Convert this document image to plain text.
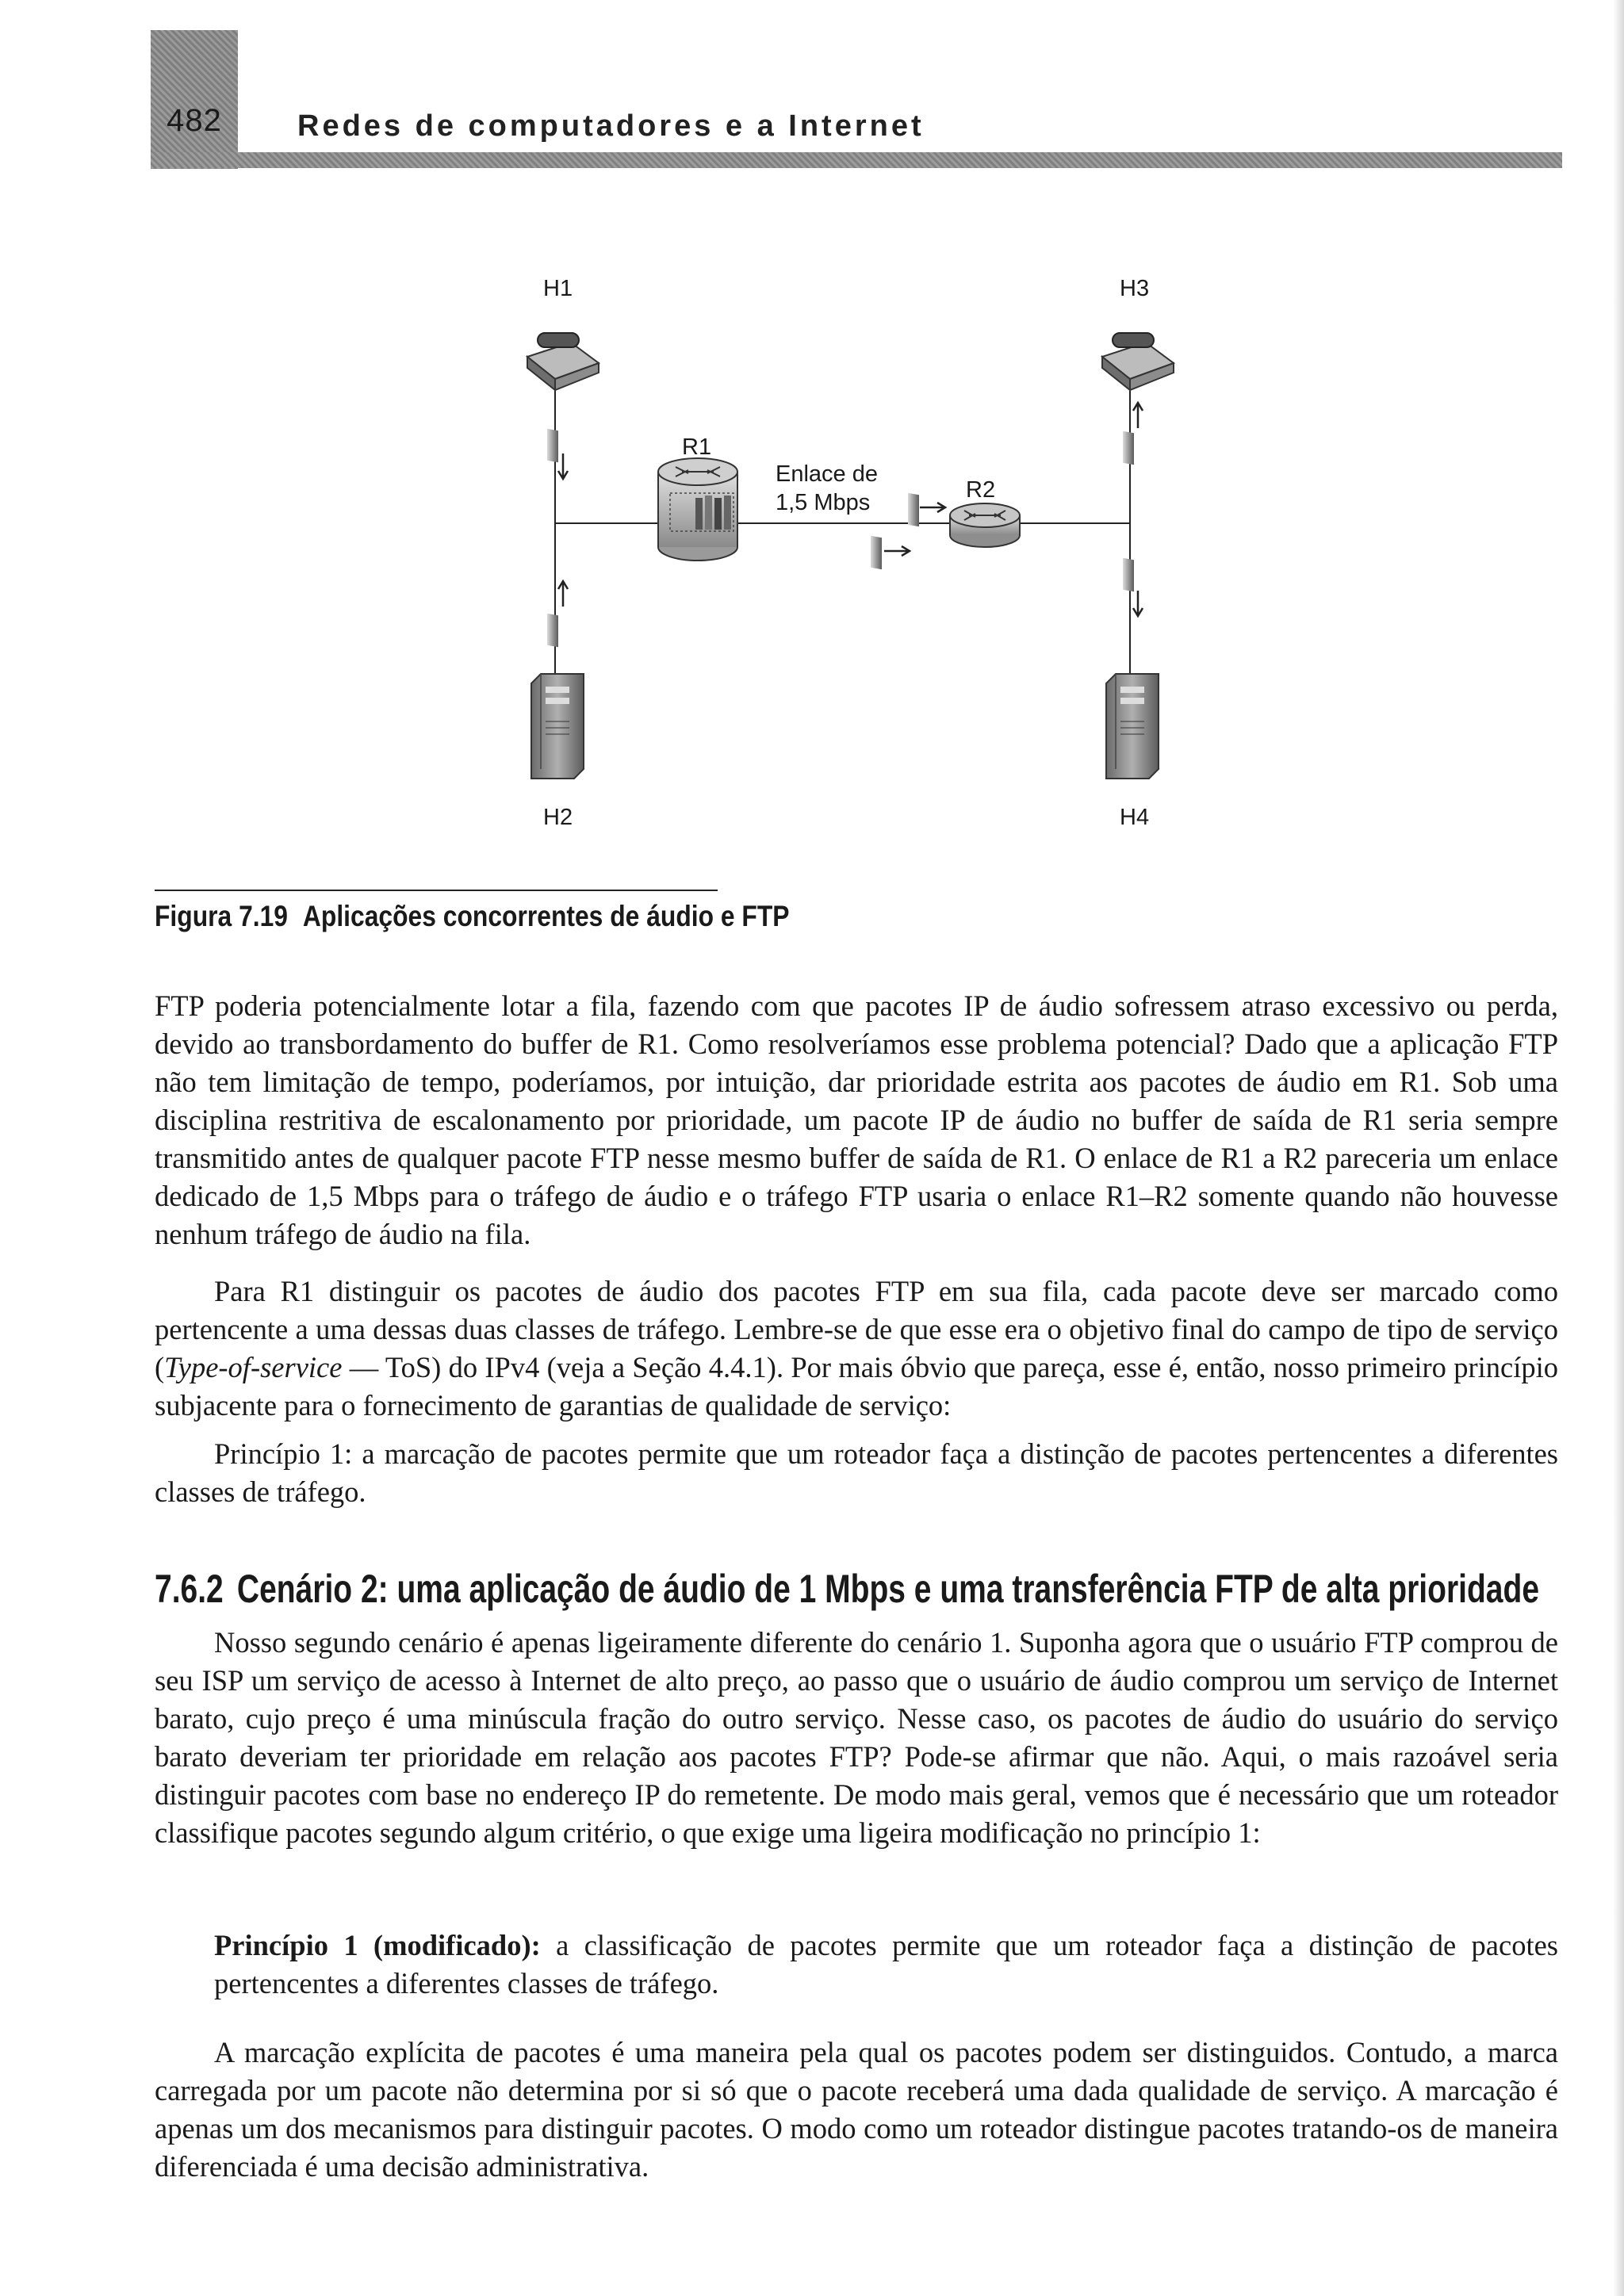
482	Redes de computadores e a Internet
H1	H3
H2	H4
R1
R2
Enlace de
1,5 Mbps
Figura 7.19 Aplicações concorrentes de áudio e FTP

FTP poderia potencialmente lotar a fila, fazendo com que pacotes IP de áudio sofressem atraso excessivo ou perda, devido ao transbordamento do buffer de R1. Como resolveríamos esse problema potencial? Dado que a aplicação FTP não tem limitação de tempo, poderíamos, por intuição, dar prioridade estrita aos pacotes de áudio em R1. Sob uma disciplina restritiva de escalonamento por prioridade, um pacote IP de áudio no buffer de saída de R1 seria sempre transmitido antes de qualquer pacote FTP nesse mesmo buffer de saída de R1. O enlace de R1 a R2 pareceria um enlace dedicado de 1,5 Mbps para o tráfego de áudio e o tráfego FTP usaria o enlace R1–R2 somente quando não houvesse nenhum tráfego de áudio na fila.

Para R1 distinguir os pacotes de áudio dos pacotes FTP em sua fila, cada pacote deve ser marcado como pertencente a uma dessas duas classes de tráfego. Lembre-se de que esse era o objetivo final do campo de tipo de serviço (Type-of-service — ToS) do IPv4 (veja a Seção 4.4.1). Por mais óbvio que pareça, esse é, então, nosso primeiro princípio subjacente para o fornecimento de garantias de qualidade de serviço:

Princípio 1: a marcação de pacotes permite que um roteador faça a distinção de pacotes pertencentes a diferentes classes de tráfego.

7.6.2 Cenário 2: uma aplicação de áudio de 1 Mbps e uma transferência FTP de alta prioridade

Nosso segundo cenário é apenas ligeiramente diferente do cenário 1. Suponha agora que o usuário FTP comprou de seu ISP um serviço de acesso à Internet de alto preço, ao passo que o usuário de áudio comprou um serviço de Internet barato, cujo preço é uma minúscula fração do outro serviço. Nesse caso, os pacotes de áudio do usuário do serviço barato deveriam ter prioridade em relação aos pacotes FTP? Pode-se afirmar que não. Aqui, o mais razoável seria distinguir pacotes com base no endereço IP do remetente. De modo mais geral, vemos que é necessário que um roteador classifique pacotes segundo algum critério, o que exige uma ligeira modificação no princípio 1:

Princípio 1 (modificado): a classificação de pacotes permite que um roteador faça a distinção de pacotes pertencentes a diferentes classes de tráfego.

A marcação explícita de pacotes é uma maneira pela qual os pacotes podem ser distinguidos. Contudo, a marca carregada por um pacote não determina por si só que o pacote receberá uma dada qualidade de serviço. A marcação é apenas um dos mecanismos para distinguir pacotes. O modo como um roteador distingue pacotes tratando-os de maneira diferenciada é uma decisão administrativa.
